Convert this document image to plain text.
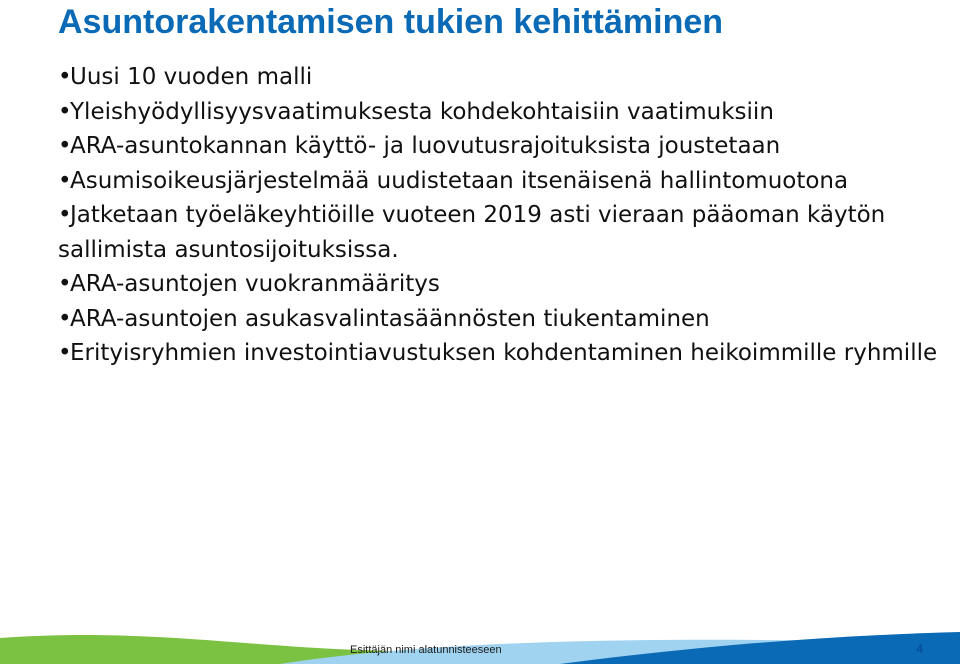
Asuntorakentamisen tukien kehittäminen
•Uusi 10 vuoden malli
•Yleishyödyllisyysvaatimuksesta kohdekohtaisiin vaatimuksiin
•ARA-asuntokannan käyttö- ja luovutusrajoituksista joustetaan
•Asumisoikeusjärjestelmää uudistetaan itsenäisenä hallintomuotona
•Jatketaan työeläkeyhtiöille vuoteen 2019 asti vieraan pääoman käytön sallimista asuntosijoituksissa.
•ARA-asuntojen vuokranmääritys
•ARA-asuntojen asukasvalintasäännösten tiukentaminen
•Erityisryhmien investointiavustuksen kohdentaminen heikoimmille ryhmille
Esittäjän nimi alatunnisteeseen	4
